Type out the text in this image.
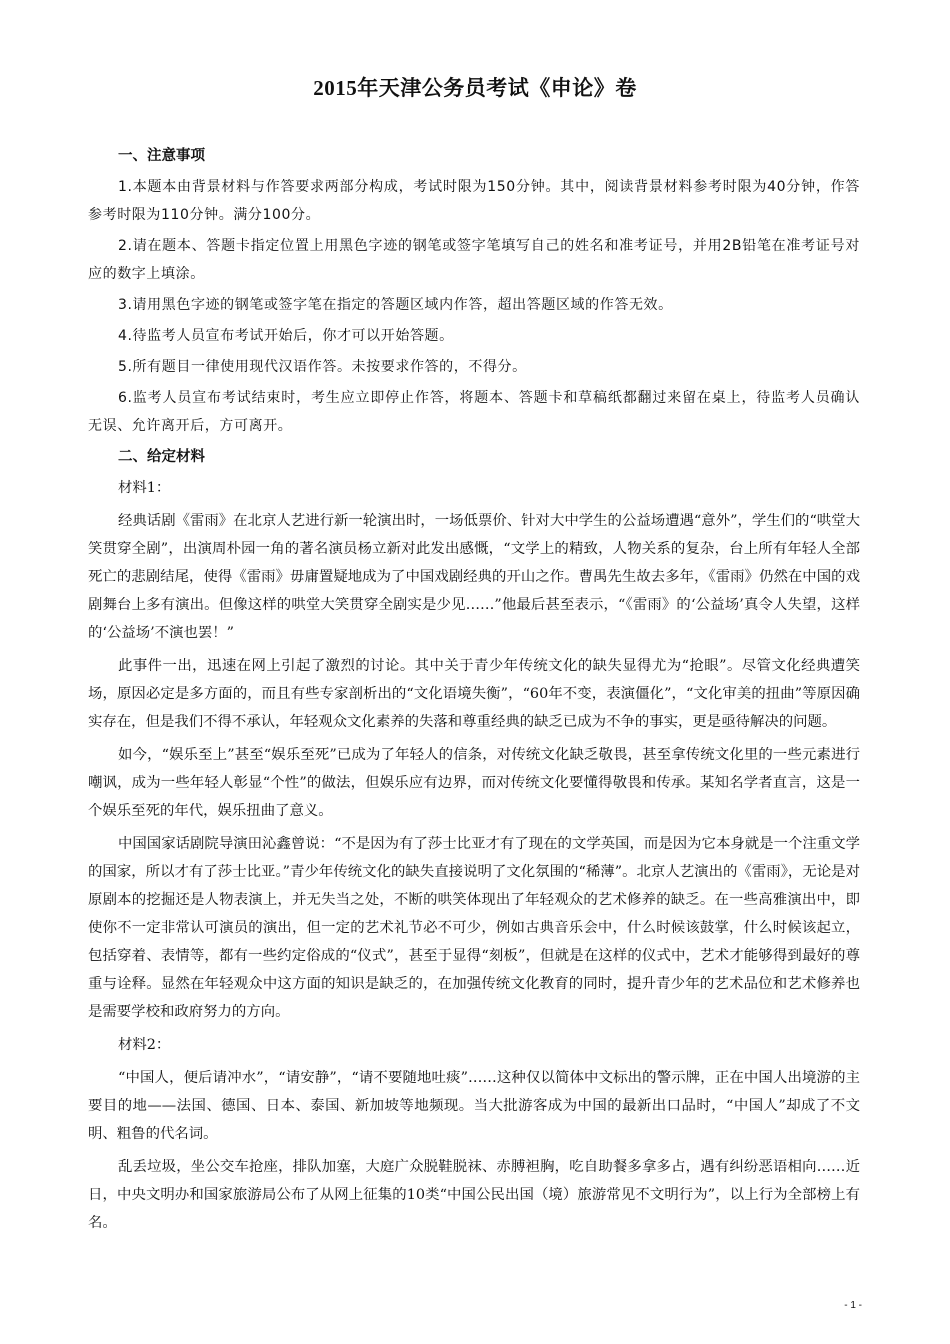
2015年天津公务员考试《申论》卷
一、注意事项

1.本题本由背景材料与作答要求两部分构成，考试时限为150分钟。其中，阅读背景材料参考时限为40分钟，作答参考时限为110分钟。满分100分。

2.请在题本、答题卡指定位置上用黑色字迹的钢笔或签字笔填写自己的姓名和准考证号，并用2B铅笔在准考证号对应的数字上填涂。

3.请用黑色字迹的钢笔或签字笔在指定的答题区域内作答，超出答题区域的作答无效。

4.待监考人员宣布考试开始后，你才可以开始答题。

5.所有题目一律使用现代汉语作答。未按要求作答的，不得分。

6.监考人员宣布考试结束时，考生应立即停止作答，将题本、答题卡和草稿纸都翻过来留在桌上，待监考人员确认无误、允许离开后，方可离开。

二、给定材料
材料1：

经典话剧《雷雨》在北京人艺进行新一轮演出时，一场低票价、针对大中学生的公益场遭遇“意外”，学生们的“哄堂大笑贯穿全剧”，出演周朴园一角的著名演员杨立新对此发出感慨，“文学上的精致，人物关系的复杂，台上所有年轻人全部死亡的悲剧结尾，使得《雷雨》毋庸置疑地成为了中国戏剧经典的开山之作。曹禺先生故去多年，《雷雨》仍然在中国的戏剧舞台上多有演出。但像这样的哄堂大笑贯穿全剧实是少见……”他最后甚至表示，“《雷雨》的‘公益场’真令人失望，这样的‘公益场’不演也罢！”

此事件一出，迅速在网上引起了激烈的讨论。其中关于青少年传统文化的缺失显得尤为“抢眼”。尽管文化经典遭笑场，原因必定是多方面的，而且有些专家剖析出的“文化语境失衡”，“60年不变，表演僵化”，“文化审美的扭曲”等原因确实存在，但是我们不得不承认，年轻观众文化素养的失落和尊重经典的缺乏已成为不争的事实，更是亟待解决的问题。

如今，“娱乐至上”甚至“娱乐至死”已成为了年轻人的信条，对传统文化缺乏敬畏，甚至拿传统文化里的一些元素进行嘲讽，成为一些年轻人彰显“个性”的做法，但娱乐应有边界，而对传统文化要懂得敬畏和传承。某知名学者直言，这是一个娱乐至死的年代，娱乐扭曲了意义。

中国国家话剧院导演田沁鑫曾说：“不是因为有了莎士比亚才有了现在的文学英国，而是因为它本身就是一个注重文学的国家，所以才有了莎士比亚。”青少年传统文化的缺失直接说明了文化氛围的“稀薄”。北京人艺演出的《雷雨》，无论是对原剧本的挖掘还是人物表演上，并无失当之处，不断的哄笑体现出了年轻观众的艺术修养的缺乏。在一些高雅演出中，即使你不一定非常认可演员的演出，但一定的艺术礼节必不可少，例如古典音乐会中，什么时候该鼓掌，什么时候该起立，包括穿着、表情等，都有一些约定俗成的“仪式”，甚至于显得“刻板”，但就是在这样的仪式中，艺术才能够得到最好的尊重与诠释。显然在年轻观众中这方面的知识是缺乏的，在加强传统文化教育的同时，提升青少年的艺术品位和艺术修养也是需要学校和政府努力的方向。

材料2：

“中国人，便后请冲水”，“请安静”，“请不要随地吐痰”……这种仅以简体中文标出的警示牌，正在中国人出境游的主要目的地——法国、德国、日本、泰国、新加坡等地频现。当大批游客成为中国的最新出口品时，“中国人”却成了不文明、粗鲁的代名词。

乱丢垃圾，坐公交车抢座，排队加塞，大庭广众脱鞋脱袜、赤膊袒胸，吃自助餐多拿多占，遇有纠纷恶语相向……近日，中央文明办和国家旅游局公布了从网上征集的10类“中国公民出国（境）旅游常见不文明行为”，以上行为全部榜上有名。

- 1 -
